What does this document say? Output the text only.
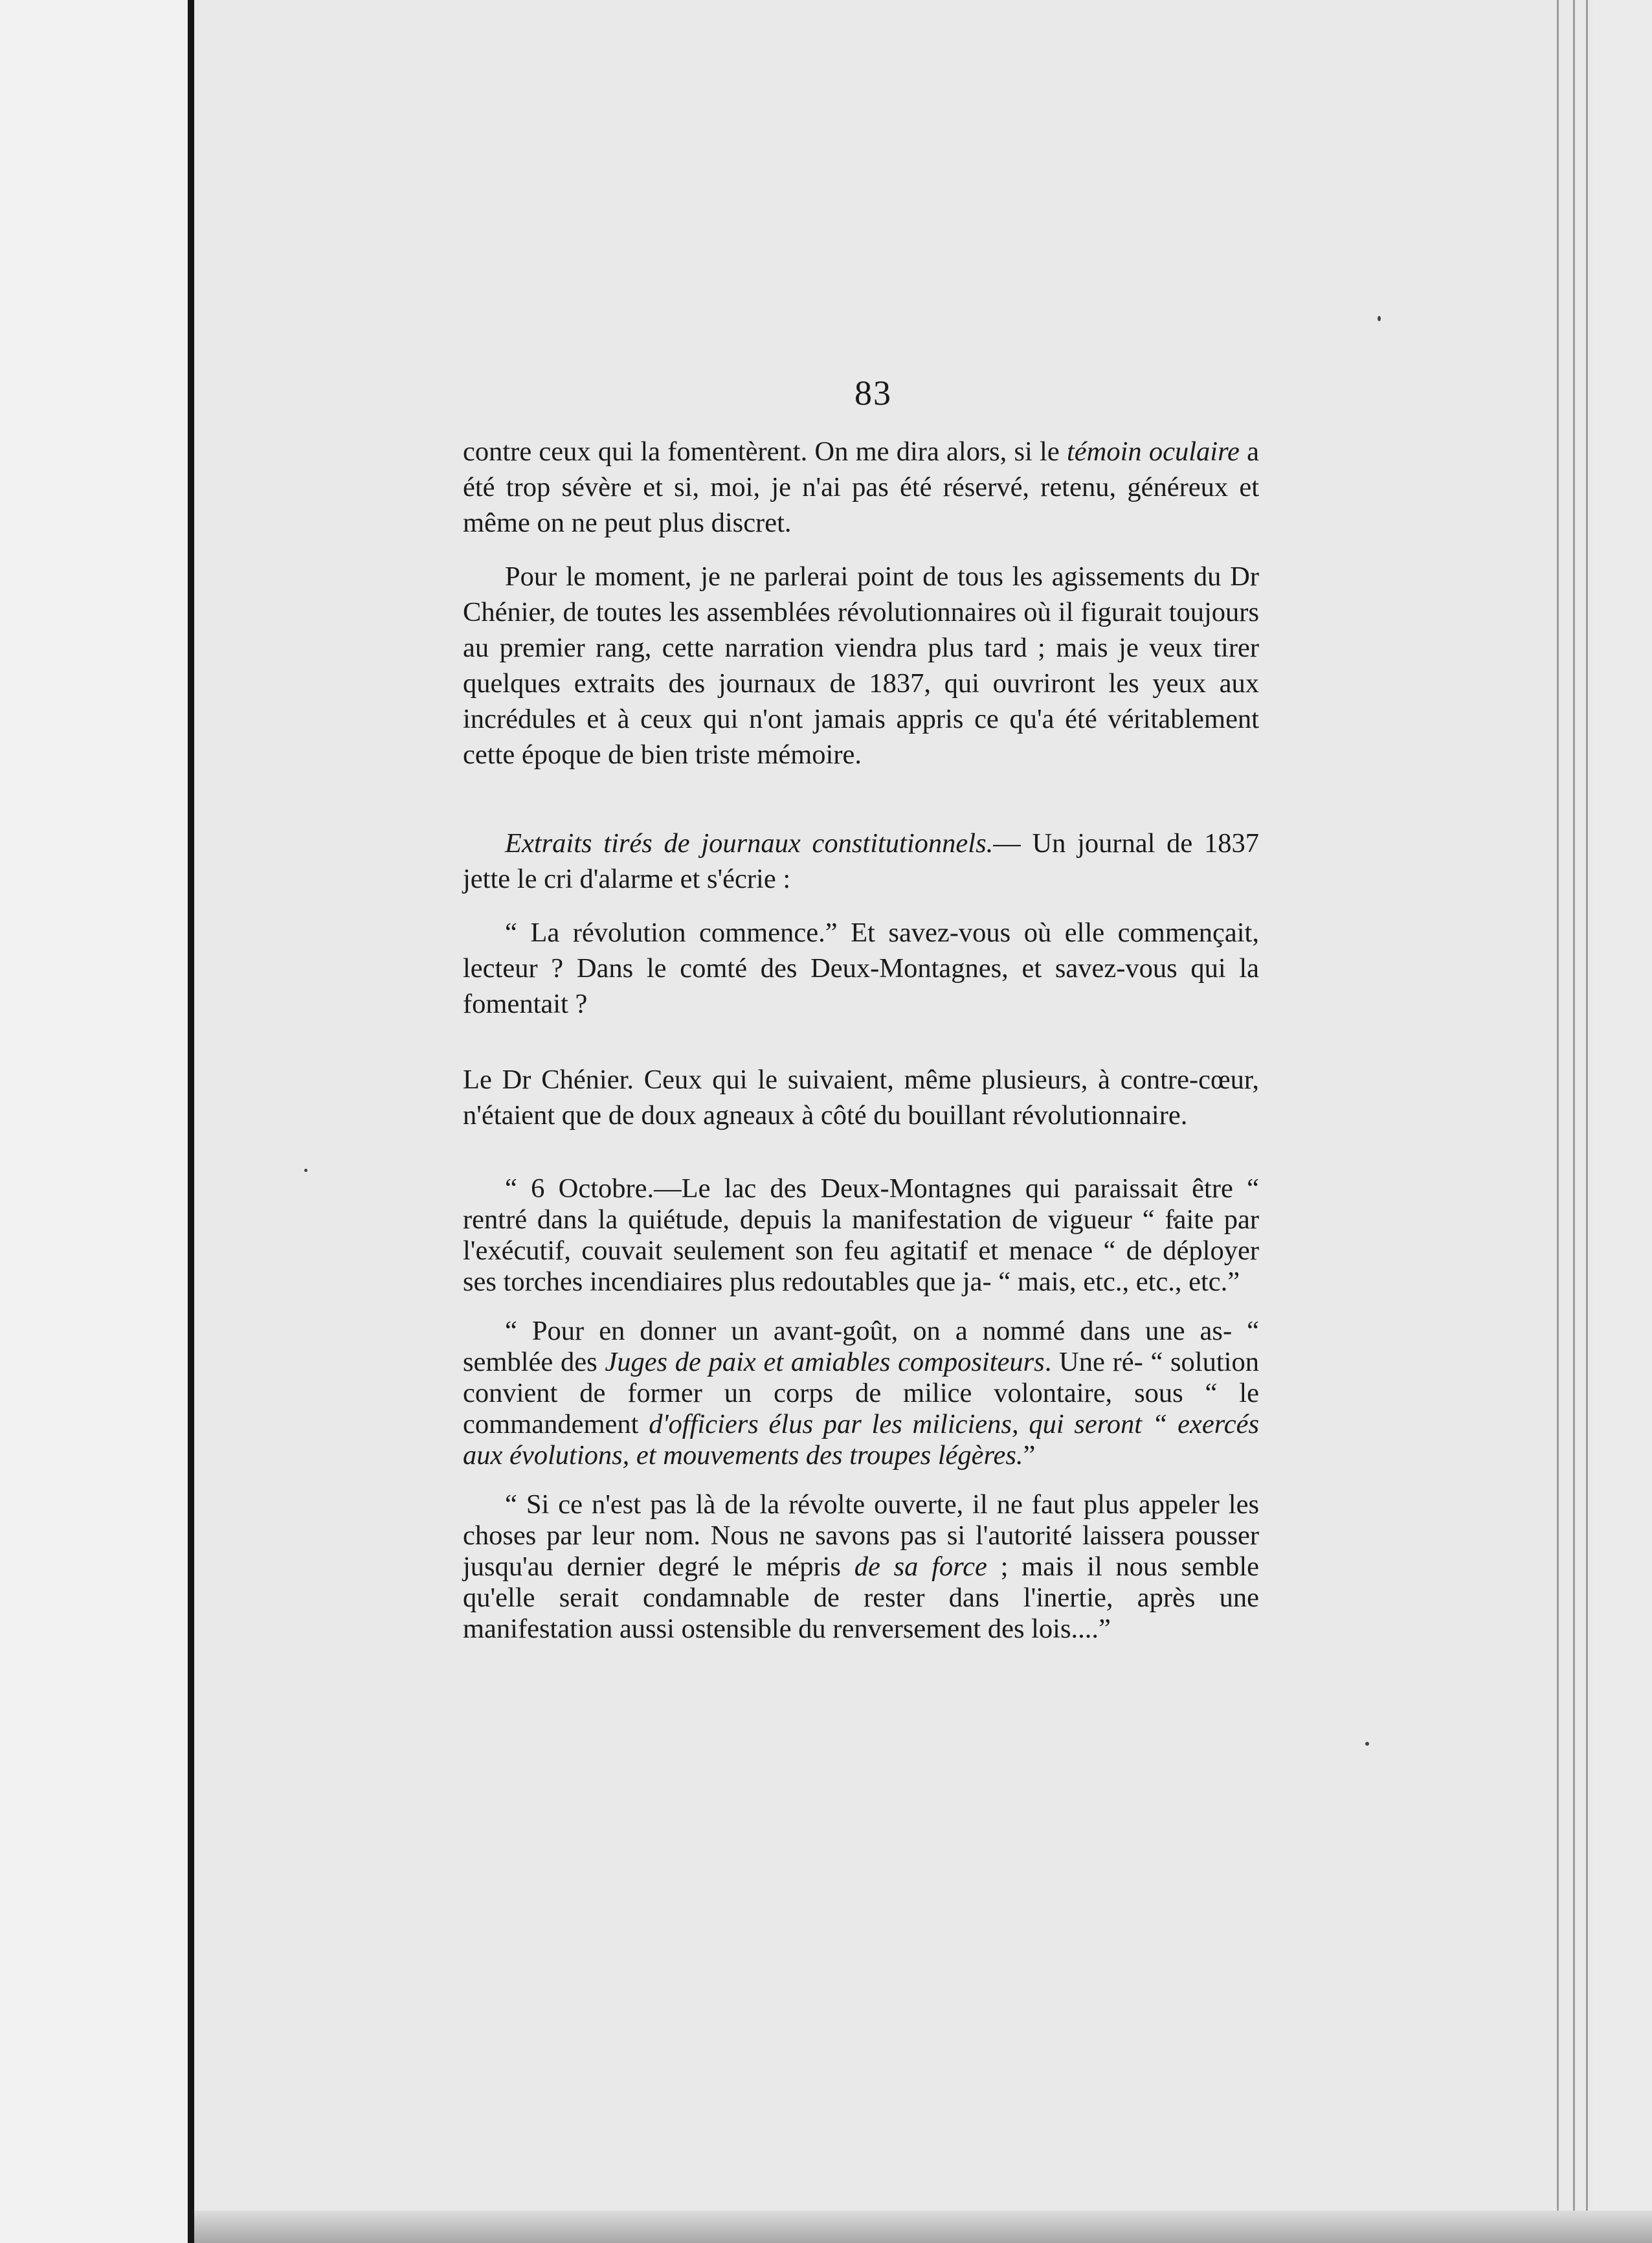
83

contre ceux qui la fomentèrent. On me dira alors, si le témoin oculaire a été trop sévère et si, moi, je n'ai pas été réservé, retenu, généreux et même on ne peut plus discret.

Pour le moment, je ne parlerai point de tous les agissements du Dr Chénier, de toutes les assemblées révolutionnaires où il figurait toujours au premier rang, cette narration viendra plus tard ; mais je veux tirer quelques extraits des journaux de 1837, qui ouvriront les yeux aux incrédules et à ceux qui n'ont jamais appris ce qu'a été véritablement cette époque de bien triste mémoire.

Extraits tirés de journaux constitutionnels.— Un journal de 1837 jette le cri d'alarme et s'écrie :

“ La révolution commence.” Et savez-vous où elle commençait, lecteur ? Dans le comté des Deux-Montagnes, et savez-vous qui la fomentait ?

Le Dr Chénier. Ceux qui le suivaient, même plusieurs, à contre-cœur, n'étaient que de doux agneaux à côté du bouillant révolutionnaire.

“ 6 Octobre.—Le lac des Deux-Montagnes qui paraissait être “ rentré dans la quiétude, depuis la manifestation de vigueur “ faite par l'exécutif, couvait seulement son feu agitatif et menace “ de déployer ses torches incendiaires plus redoutables que ja- “ mais, etc., etc., etc.”

“ Pour en donner un avant-goût, on a nommé dans une as- “ semblée des Juges de paix et amiables compositeurs. Une ré- “ solution convient de former un corps de milice volontaire, sous “ le commandement d'officiers élus par les miliciens, qui seront “ exercés aux évolutions, et mouvements des troupes légères.”

“ Si ce n'est pas là de la révolte ouverte, il ne faut plus appeler les choses par leur nom. Nous ne savons pas si l'autorité laissera pousser jusqu'au dernier degré le mépris de sa force ; mais il nous semble qu'elle serait condamnable de rester dans l'inertie, après une manifestation aussi ostensible du renversement des lois....”
